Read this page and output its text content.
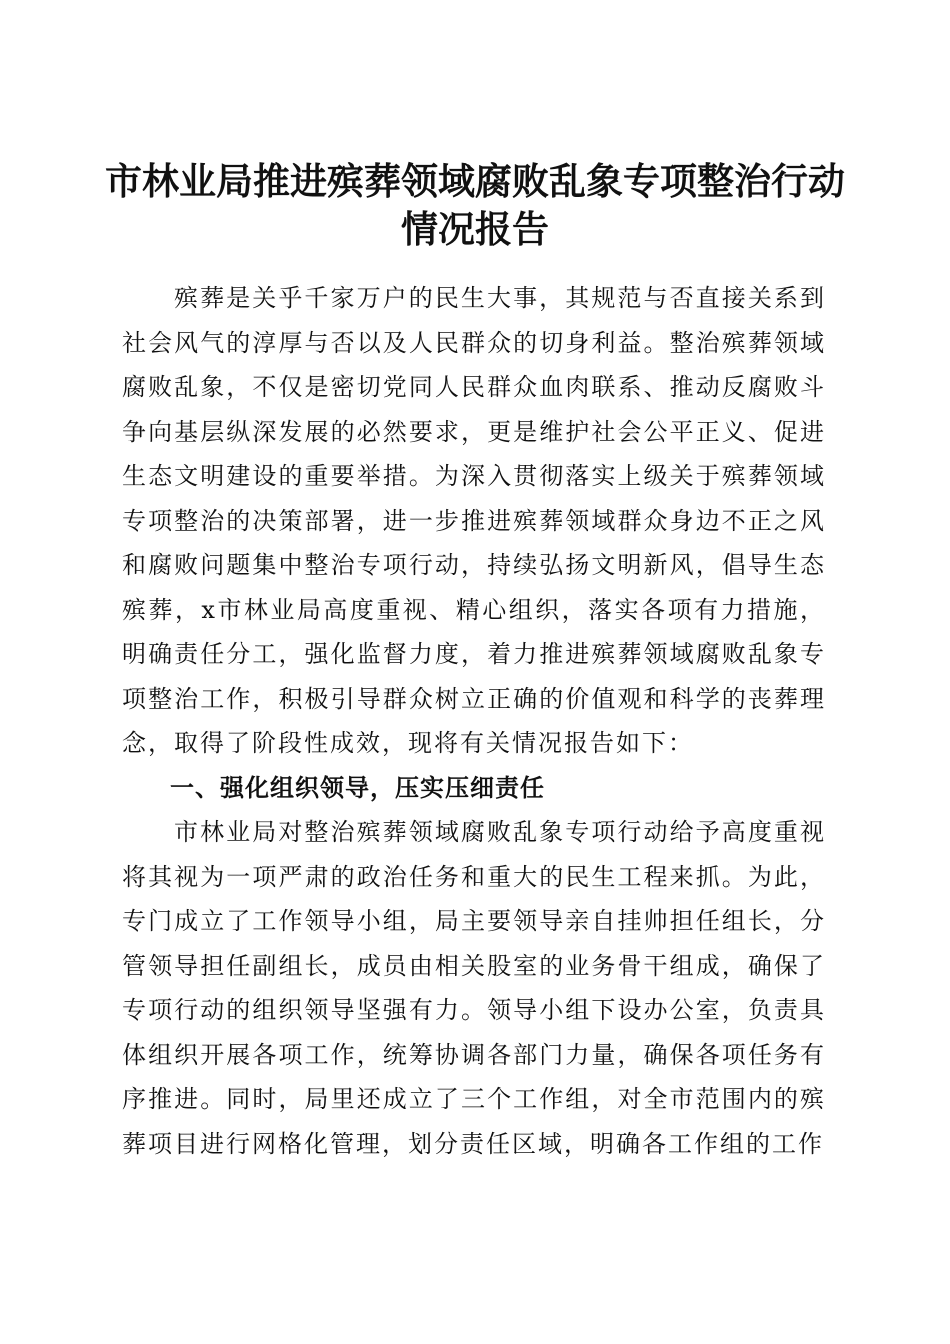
市林业局推进殡葬领域腐败乱象专项整治行动
情况报告

殡葬是关乎千家万户的民生大事，其规范与否直接关系到社会风气的淳厚与否以及人民群众的切身利益。整治殡葬领域腐败乱象，不仅是密切党同人民群众血肉联系、推动反腐败斗争向基层纵深发展的必然要求，更是维护社会公平正义、促进生态文明建设的重要举措。为深入贯彻落实上级关于殡葬领域专项整治的决策部署，进一步推进殡葬领域群众身边不正之风和腐败问题集中整治专项行动，持续弘扬文明新风，倡导生态殡葬，x市林业局高度重视、精心组织，落实各项有力措施，明确责任分工，强化监督力度，着力推进殡葬领域腐败乱象专项整治工作，积极引导群众树立正确的价值观和科学的丧葬理念，取得了阶段性成效，现将有关情况报告如下：

一、强化组织领导，压实压细责任

市林业局对整治殡葬领域腐败乱象专项行动给予高度重视将其视为一项严肃的政治任务和重大的民生工程来抓。为此，专门成立了工作领导小组，局主要领导亲自挂帅担任组长，分管领导担任副组长，成员由相关股室的业务骨干组成，确保了专项行动的组织领导坚强有力。领导小组下设办公室，负责具体组织开展各项工作，统筹协调各部门力量，确保各项任务有序推进。同时，局里还成立了三个工作组，对全市范围内的殡葬项目进行网格化管理，划分责任区域，明确各工作组的工作
